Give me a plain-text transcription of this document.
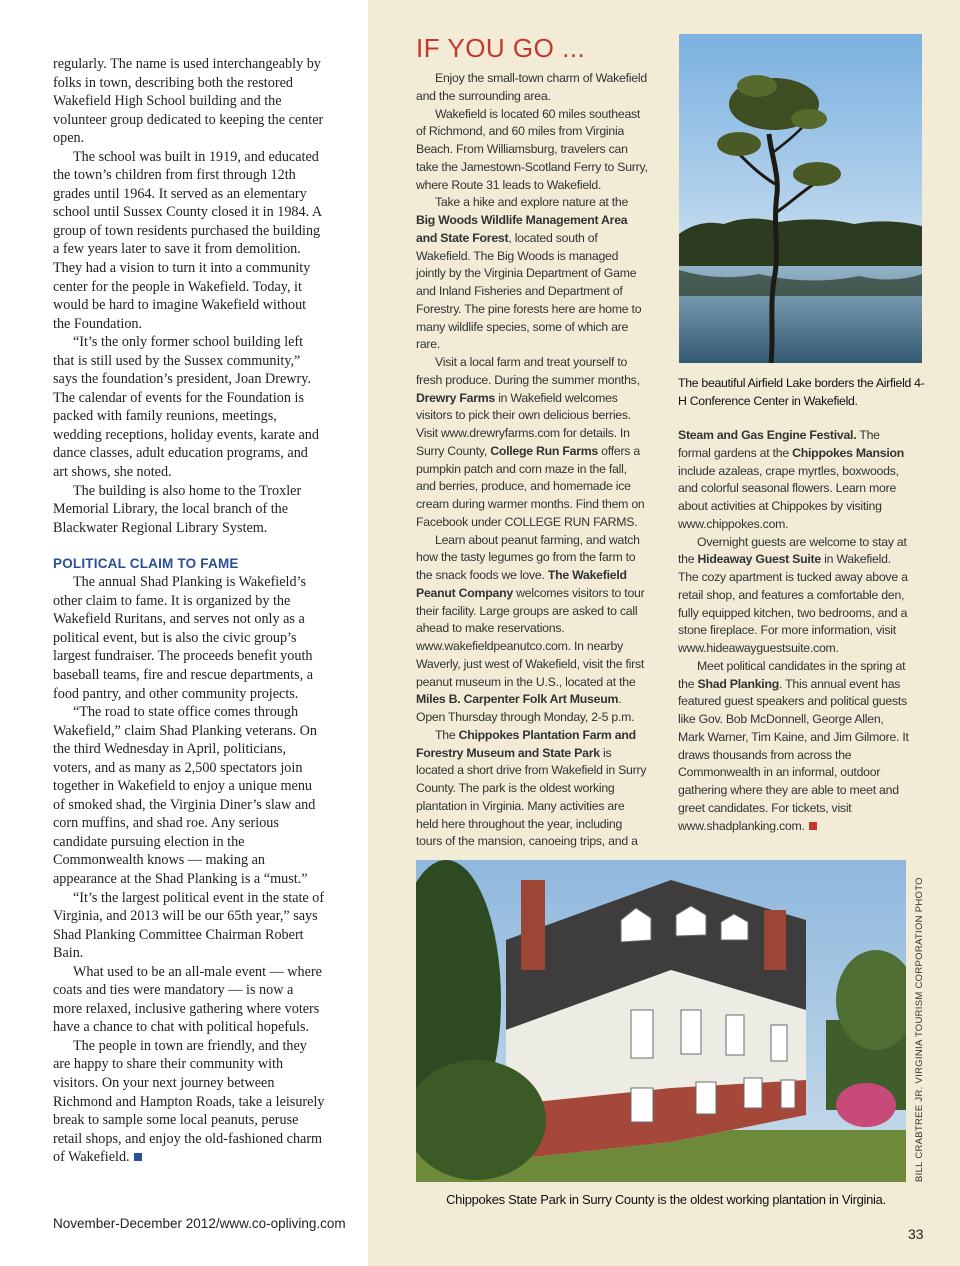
regularly. The name is used interchangeably by folks in town, describing both the restored Wakefield High School building and the volunteer group dedicated to keeping the center open.

The school was built in 1919, and educated the town’s children from first through 12th grades until 1964. It served as an elementary school until Sussex County closed it in 1984. A group of town residents purchased the building a few years later to save it from demolition. They had a vision to turn it into a community center for the people in Wakefield. Today, it would be hard to imagine Wakefield without the Foundation.

“It’s the only former school building left that is still used by the Sussex community,” says the foundation’s president, Joan Drewry. The calendar of events for the Foundation is packed with family reunions, meetings, wedding receptions, holiday events, karate and dance classes, adult education programs, and art shows, she noted.

The building is also home to the Troxler Memorial Library, the local branch of the Blackwater Regional Library System.

POLITICAL CLAIM TO FAME

The annual Shad Planking is Wakefield’s other claim to fame. It is organized by the Wakefield Ruritans, and serves not only as a political event, but is also the civic group’s largest fundraiser. The proceeds benefit youth baseball teams, fire and rescue departments, a food pantry, and other community projects.

“The road to state office comes through Wakefield,” claim Shad Planking veterans. On the third Wednesday in April, politicians, voters, and as many as 2,500 spectators join together in Wakefield to enjoy a unique menu of smoked shad, the Virginia Diner’s slaw and corn muffins, and shad roe. Any serious candidate pursuing election in the Commonwealth knows — making an appearance at the Shad Planking is a “must.”

“It’s the largest political event in the state of Virginia, and 2013 will be our 65th year,” says Shad Planking Committee Chairman Robert Bain.

What used to be an all-male event — where coats and ties were mandatory — is now a more relaxed, inclusive gathering where voters have a chance to chat with political hopefuls.

The people in town are friendly, and they are happy to share their community with visitors. On your next journey between Richmond and Hampton Roads, take a leisurely break to sample some local peanuts, peruse retail shops, and enjoy the old-fashioned charm of Wakefield.

November-December 2012/www.co-opliving.com
IF YOU GO ...

Enjoy the small-town charm of Wakefield and the surrounding area.

Wakefield is located 60 miles southeast of Richmond, and 60 miles from Virginia Beach. From Williamsburg, travelers can take the Jamestown-Scotland Ferry to Surry, where Route 31 leads to Wakefield.

Take a hike and explore nature at the Big Woods Wildlife Management Area and State Forest, located south of Wakefield. The Big Woods is managed jointly by the Virginia Department of Game and Inland Fisheries and Department of Forestry. The pine forests here are home to many wildlife species, some of which are rare.

Visit a local farm and treat yourself to fresh produce. During the summer months, Drewry Farms in Wakefield welcomes visitors to pick their own delicious berries. Visit www.drewryfarms.com for details. In Surry County, College Run Farms offers a pumpkin patch and corn maze in the fall, and berries, produce, and homemade ice cream during warmer months. Find them on Facebook under COLLEGE RUN FARMS.

Learn about peanut farming, and watch how the tasty legumes go from the farm to the snack foods we love. The Wakefield Peanut Company welcomes visitors to tour their facility. Large groups are asked to call ahead to make reservations. www.wakefieldpeanutco.com. In nearby Waverly, just west of Wakefield, visit the first peanut museum in the U.S., located at the Miles B. Carpenter Folk Art Museum. Open Thursday through Monday, 2-5 p.m.

The Chippokes Plantation Farm and Forestry Museum and State Park is located a short drive from Wakefield in Surry County. The park is the oldest working plantation in Virginia. Many activities are held here throughout the year, including tours of the mansion, canoeing trips, and a

The beautiful Airfield Lake borders the Airfield 4-H Conference Center in Wakefield.

Steam and Gas Engine Festival. The formal gardens at the Chippokes Mansion include azaleas, crape myrtles, boxwoods, and colorful seasonal flowers. Learn more about activities at Chippokes by visiting www.chippokes.com.

Overnight guests are welcome to stay at the Hideaway Guest Suite in Wakefield. The cozy apartment is tucked away above a retail shop, and features a comfortable den, fully equipped kitchen, two bedrooms, and a stone fireplace. For more information, visit www.hideawayguestsuite.com.

Meet political candidates in the spring at the Shad Planking. This annual event has featured guest speakers and political guests like Gov. Bob McDonnell, George Allen, Mark Warner, Tim Kaine, and Jim Gilmore. It draws thousands from across the Commonwealth in an informal, outdoor gathering where they are able to meet and greet candidates. For tickets, visit www.shadplanking.com.

BILL CRABTREE JR. VIRGINIA TOURISM CORPORATION PHOTO

Chippokes State Park in Surry County is the oldest working plantation in Virginia.

33
